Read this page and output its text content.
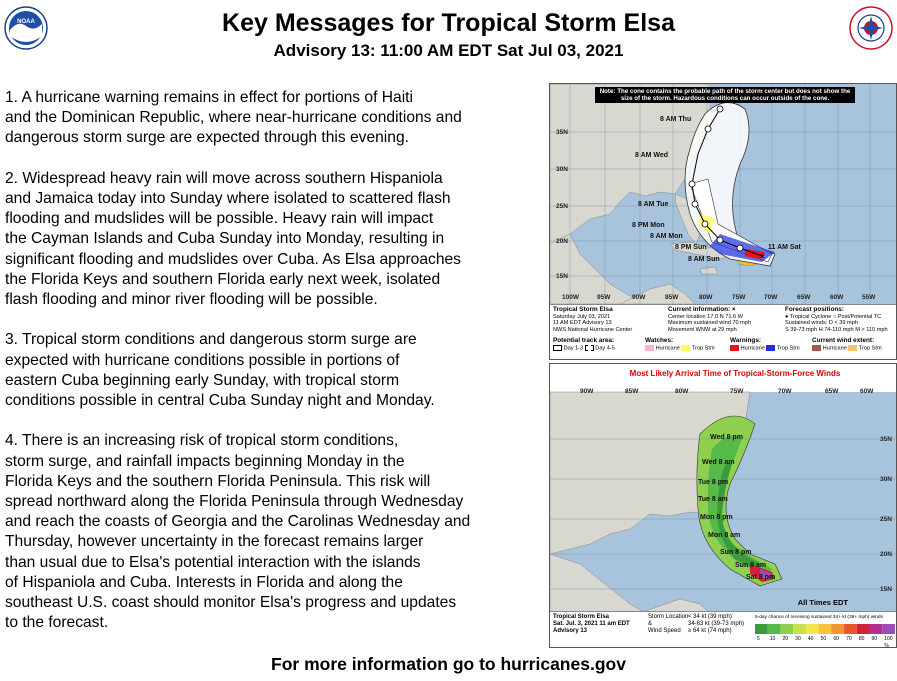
NOAA	Key Messages for Tropical Storm Elsa
Advisory 13: 11:00 AM EDT Sat Jul 03, 2021
1. A hurricane warning remains in effect for portions of Haiti
and the Dominican Republic, where near-hurricane conditions and
dangerous storm surge are expected through this evening.
2. Widespread heavy rain will move across southern Hispaniola
and Jamaica today into Sunday where isolated to scattered flash
flooding and mudslides will be possible. Heavy rain will impact
the Cayman Islands and Cuba Sunday into Monday, resulting in
significant flooding and mudslides over Cuba. As Elsa approaches
the Florida Keys and southern Florida early next week, isolated
flash flooding and minor river flooding will be possible.
3. Tropical storm conditions and dangerous storm surge are
expected with hurricane conditions possible in portions of
eastern Cuba beginning early Sunday, with tropical storm
conditions possible in central Cuba Sunday night and Monday.
4. There is an increasing risk of tropical storm conditions,
storm surge, and rainfall impacts beginning Monday in the
Florida Keys and the southern Florida Peninsula. This risk will
spread northward along the Florida Peninsula through Wednesday
and reach the coasts of Georgia and the Carolinas Wednesday and
Thursday, however uncertainty in the forecast remains larger
than usual due to Elsa's potential interaction with the islands
of Hispaniola and Cuba. Interests in Florida and along the
southeast U.S. coast should monitor Elsa's progress and updates
to the forecast.
×
Note: The cone contains the probable path of the storm center but does not show the size of the storm. Hazardous conditions can occur outside of the cone.
8 AM Thu
8 AM Wed
8 AM Tue
8 PM Mon
8 AM Mon
8 PM Sun
8 AM Sun
11 AM Sat
35N
30N
25N
20N
15N
100W	95W	90W	85W	80W	75W	70W	65W	60W	55W
Tropical Storm Elsa
Saturday July 03, 2021
11 AM EDT Advisory 13
NWS National Hurricane Center
Current information: ×
Center location 17.0 N 71.6 W
Maximum sustained wind 70 mph
Movement WNW at 29 mph
Forecast positions:
● Tropical Cyclone ○ Post/Potential TC
Sustained winds: D < 39 mph
S 39-73 mph H 74-110 mph M > 110 mph
Potential track area:
Day 1-3 Day 4-5
Watches:
Hurricane Trop Stm
Warnings:
Hurricane Trop Stm
Current wind extent:
Hurricane Trop Stm
Most Likely Arrival Time of Tropical-Storm-Force Winds
90W	85W	80W	75W	70W	65W	60W
35N
30N
25N
20N
15N
Wed 8 pm
Wed 8 am
Tue 8 pm
Tue 8 am
Mon 8 pm
Mon 8 am
Sun 8 pm
Sun 8 am
Sat 8 pm
All Times EDT
Tropical Storm Elsa
Sat. Jul. 3, 2021 11 am EDT
Advisory 13
Storm Location
&
Wind Speed
< 34 kt (39 mph)
34-63 kt (39-73 mph)
≥ 64 kt (74 mph)
5-day chance of receiving sustained 34+ kt (39+ mph) winds
5 10 20 30 40 50 60 70 80 90 100 %
For more information go to hurricanes.gov
